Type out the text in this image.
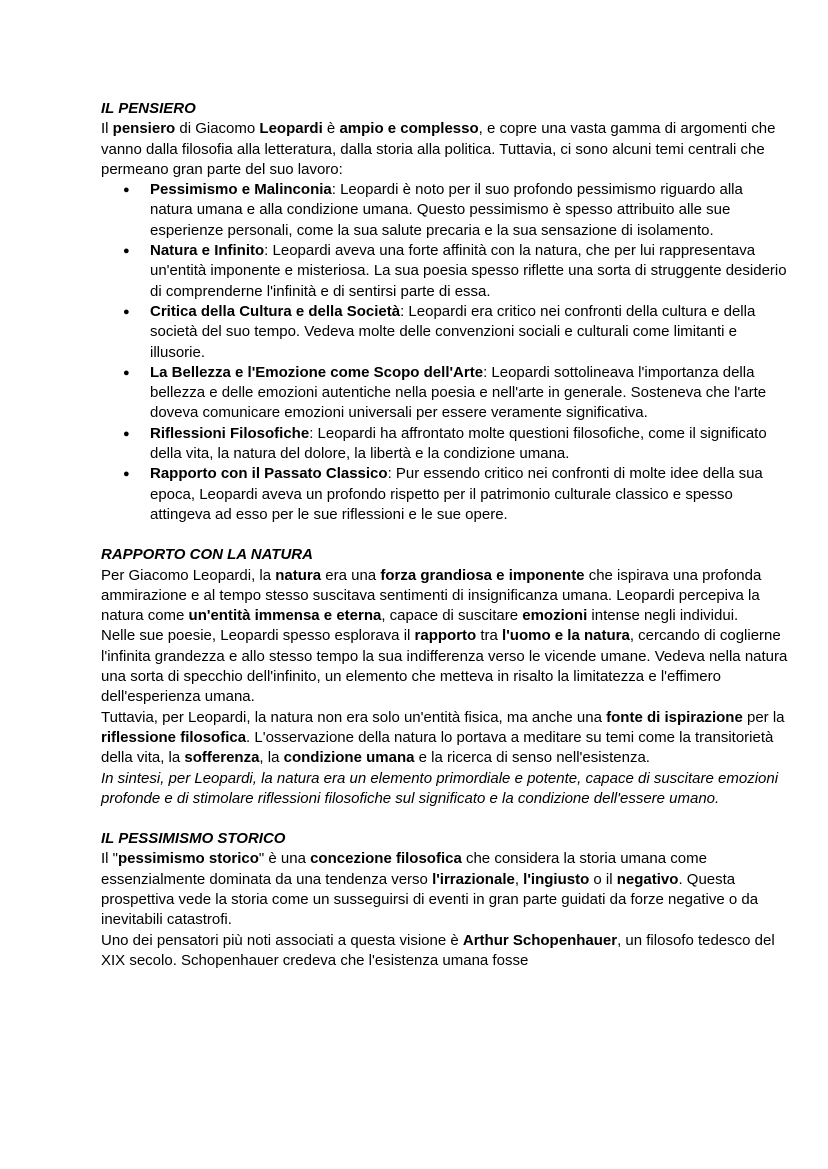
IL PENSIERO

Il pensiero di Giacomo Leopardi è ampio e complesso, e copre una vasta gamma di argomenti che vanno dalla filosofia alla letteratura, dalla storia alla politica. Tuttavia, ci sono alcuni temi centrali che permeano gran parte del suo lavoro:

● Pessimismo e Malinconia: Leopardi è noto per il suo profondo pessimismo riguardo alla natura umana e alla condizione umana. Questo pessimismo è spesso attribuito alle sue esperienze personali, come la sua salute precaria e la sua sensazione di isolamento.
● Natura e Infinito: Leopardi aveva una forte affinità con la natura, che per lui rappresentava un'entità imponente e misteriosa. La sua poesia spesso riflette una sorta di struggente desiderio di comprenderne l'infinità e di sentirsi parte di essa.
● Critica della Cultura e della Società: Leopardi era critico nei confronti della cultura e della società del suo tempo. Vedeva molte delle convenzioni sociali e culturali come limitanti e illusorie.
● La Bellezza e l'Emozione come Scopo dell'Arte: Leopardi sottolineava l'importanza della bellezza e delle emozioni autentiche nella poesia e nell'arte in generale. Sosteneva che l'arte doveva comunicare emozioni universali per essere veramente significativa.
● Riflessioni Filosofiche: Leopardi ha affrontato molte questioni filosofiche, come il significato della vita, la natura del dolore, la libertà e la condizione umana.
● Rapporto con il Passato Classico: Pur essendo critico nei confronti di molte idee della sua epoca, Leopardi aveva un profondo rispetto per il patrimonio culturale classico e spesso attingeva ad esso per le sue riflessioni e le sue opere.
RAPPORTO CON LA NATURA

Per Giacomo Leopardi, la natura era una forza grandiosa e imponente che ispirava una profonda ammirazione e al tempo stesso suscitava sentimenti di insignificanza umana. Leopardi percepiva la natura come un'entità immensa e eterna, capace di suscitare emozioni intense negli individui.

Nelle sue poesie, Leopardi spesso esplorava il rapporto tra l'uomo e la natura, cercando di coglierne l'infinita grandezza e allo stesso tempo la sua indifferenza verso le vicende umane. Vedeva nella natura una sorta di specchio dell'infinito, un elemento che metteva in risalto la limitatezza e l'effimero dell'esperienza umana.

Tuttavia, per Leopardi, la natura non era solo un'entità fisica, ma anche una fonte di ispirazione per la riflessione filosofica. L'osservazione della natura lo portava a meditare su temi come la transitorietà della vita, la sofferenza, la condizione umana e la ricerca di senso nell'esistenza.

In sintesi, per Leopardi, la natura era un elemento primordiale e potente, capace di suscitare emozioni profonde e di stimolare riflessioni filosofiche sul significato e la condizione dell'essere umano.

IL PESSIMISMO STORICO

Il "pessimismo storico" è una concezione filosofica che considera la storia umana come essenzialmente dominata da una tendenza verso l'irrazionale, l'ingiusto o il negativo. Questa prospettiva vede la storia come un susseguirsi di eventi in gran parte guidati da forze negative o da inevitabili catastrofi.

Uno dei pensatori più noti associati a questa visione è Arthur Schopenhauer, un filosofo tedesco del XIX secolo. Schopenhauer credeva che l'esistenza umana fosse
